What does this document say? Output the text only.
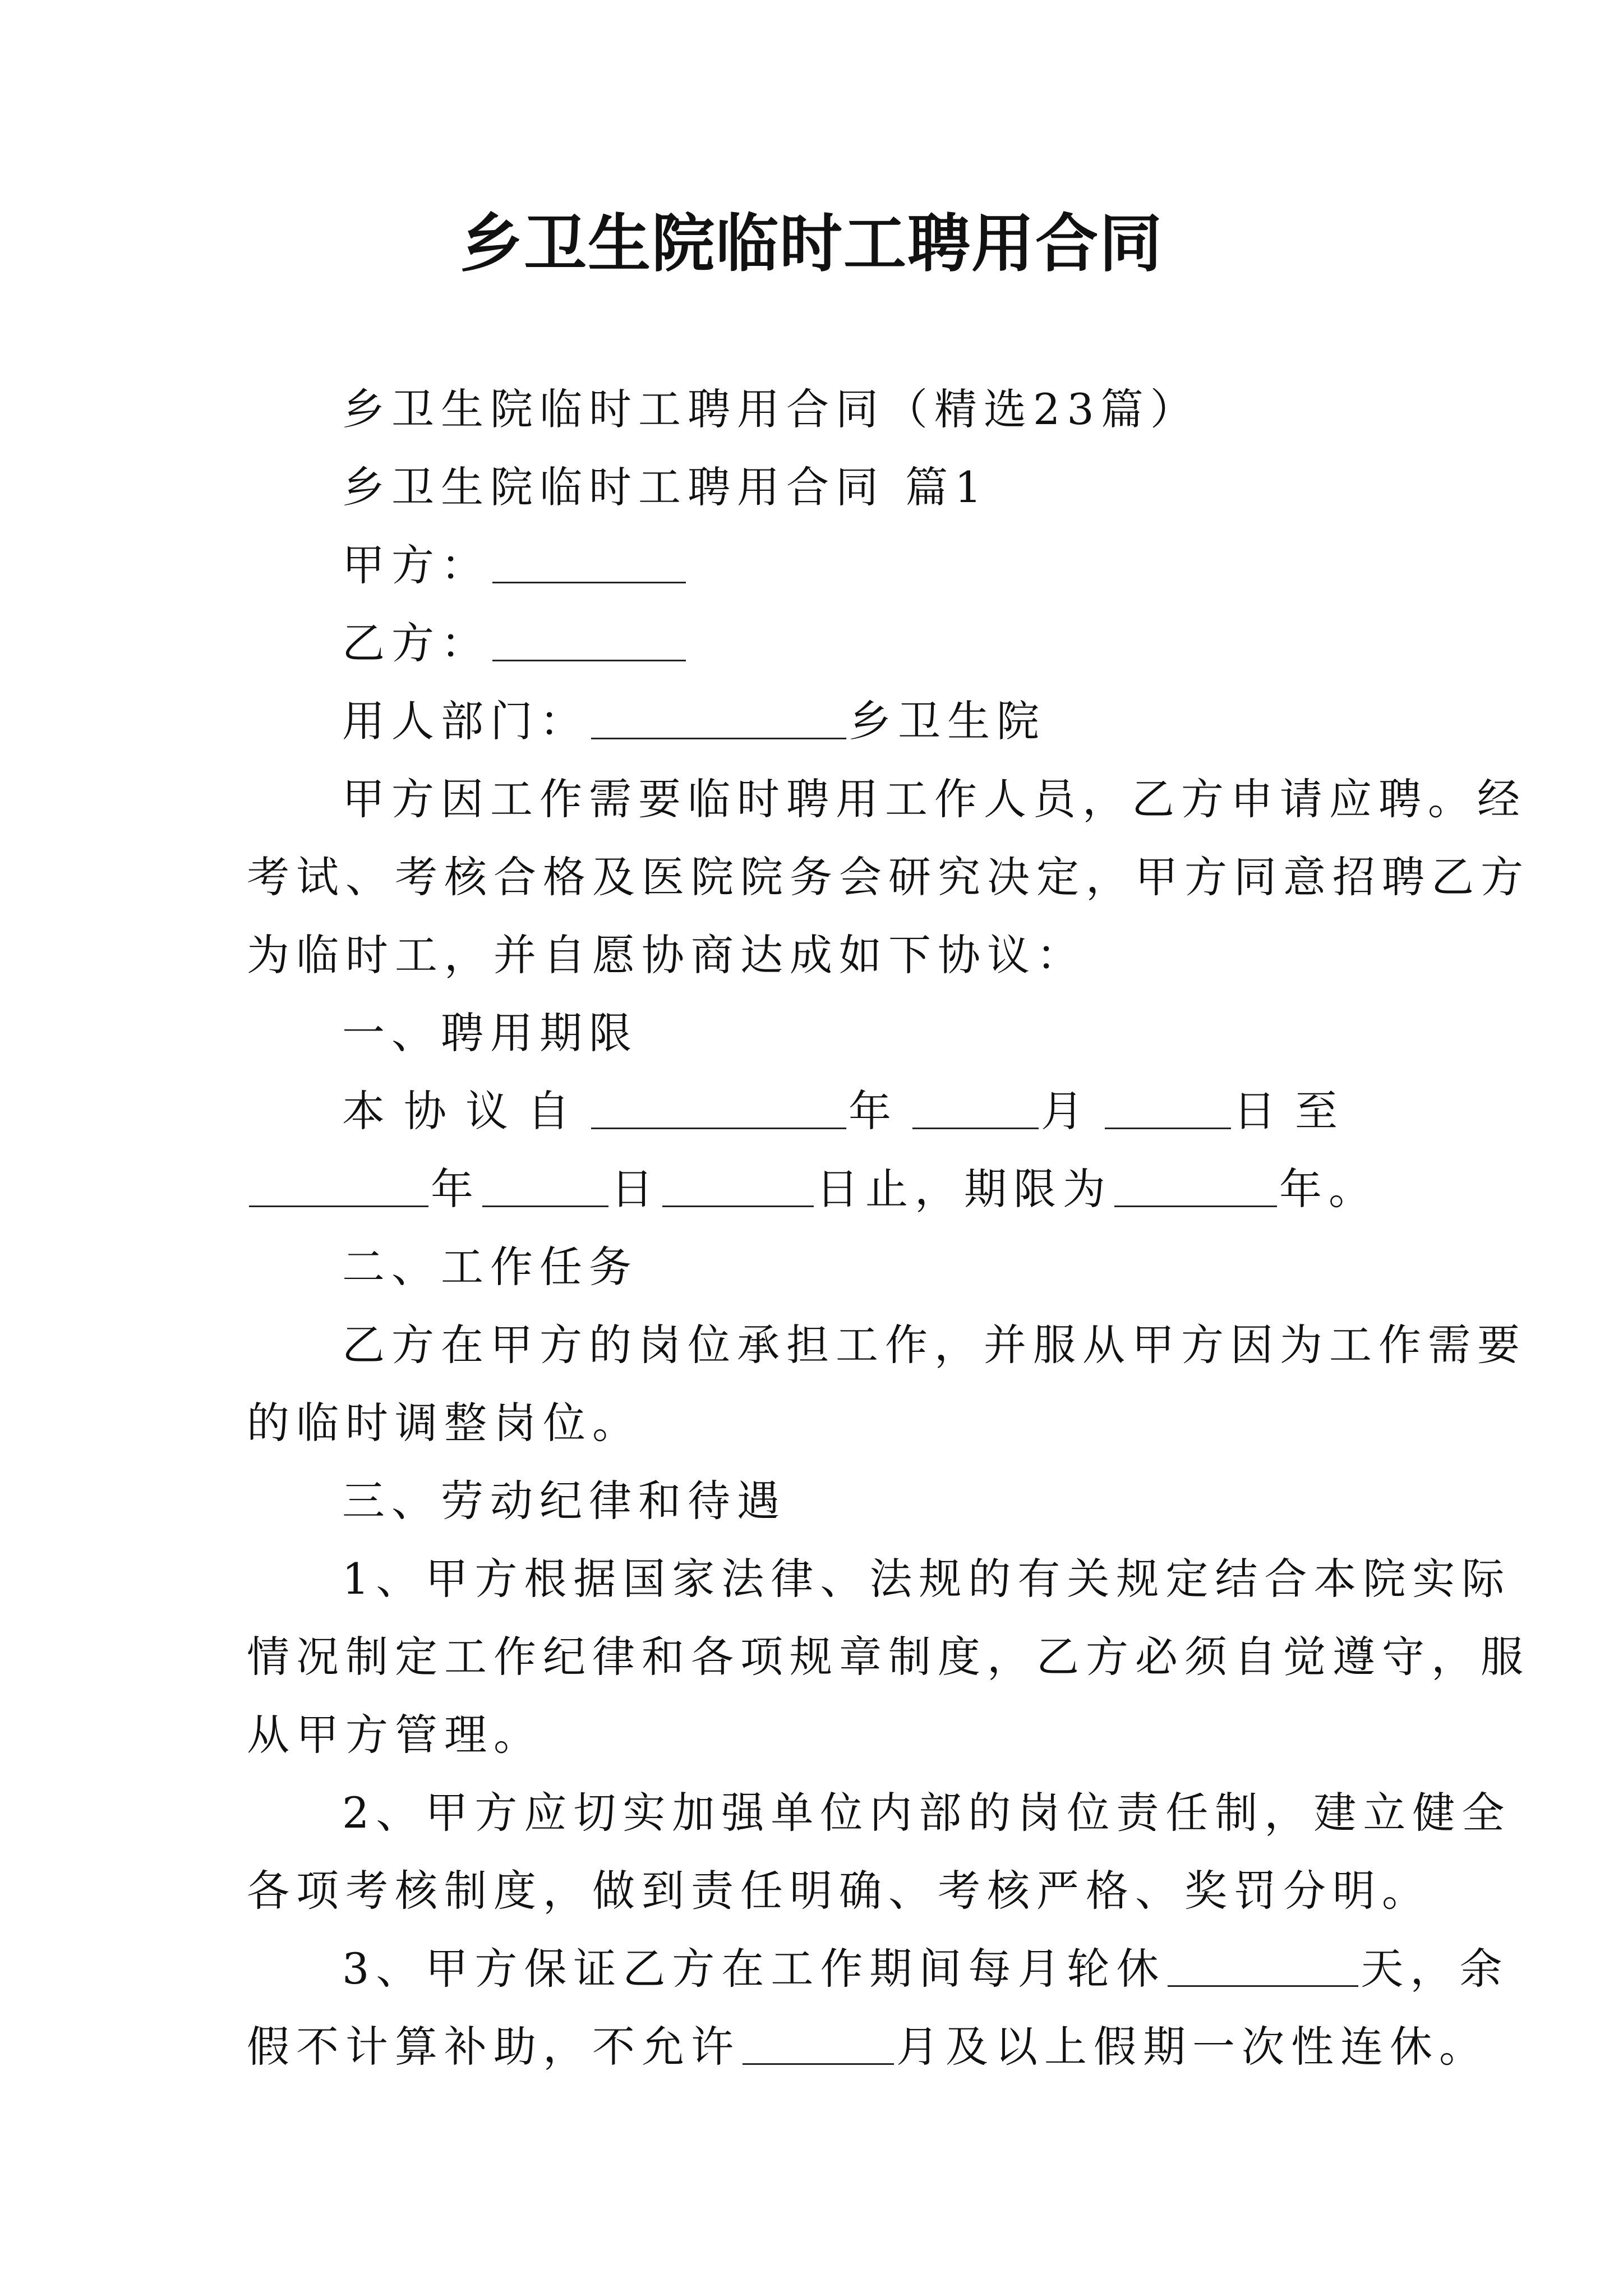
乡卫生院临时工聘用合同
乡卫生院临时工聘用合同（精选23篇）
乡卫生院临时工聘用合同 篇1
甲方：
乙方：
用人部门：	乡卫生院
甲方因工作需要临时聘用工作人员，乙方申请应聘。经
考试、考核合格及医院院务会研究决定，甲方同意招聘乙方
为临时工，并自愿协商达成如下协议：
一、聘用期限
本协议自	年	月	日至
年	日	日止，期限为	年。
二、工作任务
乙方在甲方的岗位承担工作，并服从甲方因为工作需要
的临时调整岗位。
三、劳动纪律和待遇
1、甲方根据国家法律、法规的有关规定结合本院实际
情况制定工作纪律和各项规章制度，乙方必须自觉遵守，服
从甲方管理。
2、甲方应切实加强单位内部的岗位责任制，建立健全
各项考核制度，做到责任明确、考核严格、奖罚分明。
3、甲方保证乙方在工作期间每月轮休	天，余
假不计算补助，不允许	月及以上假期一次性连休。
